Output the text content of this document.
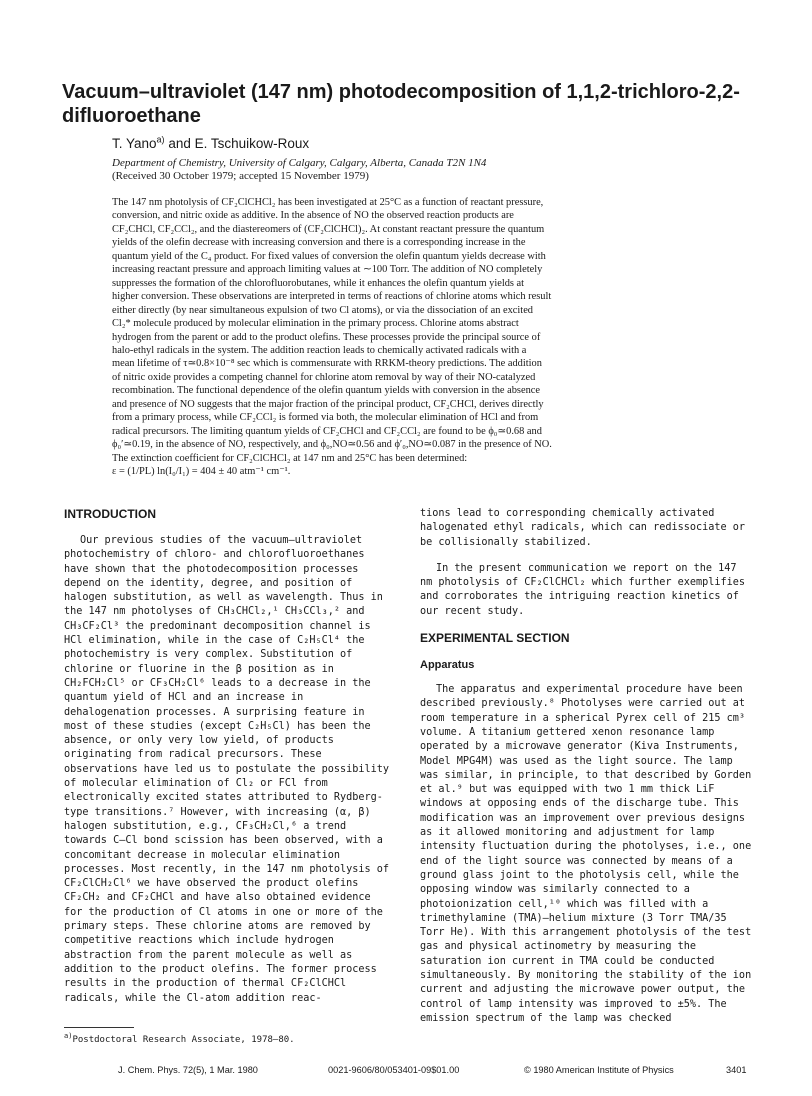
Vacuum–ultraviolet (147 nm) photodecomposition of 1,1,2-trichloro-2,2-difluoroethane
T. Yano$^{a)}$ and E. Tschuikow-Roux
Department of Chemistry, University of Calgary, Calgary, Alberta, Canada T2N 1N4
(Received 30 October 1979; accepted 15 November 1979)
The 147 nm photolysis of CF₂ClCHCl₂ has been investigated at 25°C as a function of reactant pressure,
conversion, and nitric oxide as additive. In the absence of NO the observed reaction products are
CF₂CHCl, CF₂CCl₂, and the diastereomers of (CF₂ClCHCl)₂. At constant reactant pressure the quantum
yields of the olefin decrease with increasing conversion and there is a corresponding increase in the
quantum yield of the C₄ product. For fixed values of conversion the olefin quantum yields decrease with
increasing reactant pressure and approach limiting values at ∼100 Torr. The addition of NO completely
suppresses the formation of the chlorofluorobutanes, while it enhances the olefin quantum yields at
higher conversion. These observations are interpreted in terms of reactions of chlorine atoms which result
either directly (by near simultaneous expulsion of two Cl atoms), or via the dissociation of an excited
Cl₂* molecule produced by molecular elimination in the primary process. Chlorine atoms abstract
hydrogen from the parent or add to the product olefins. These processes provide the principal source of
halo-ethyl radicals in the system. The addition reaction leads to chemically activated radicals with a
mean lifetime of τ≃0.8×10⁻⁸ sec which is commensurate with RRKM-theory predictions. The addition
of nitric oxide provides a competing channel for chlorine atom removal by way of their NO-catalyzed
recombination. The functional dependence of the olefin quantum yields with conversion in the absence
and presence of NO suggests that the major fraction of the principal product, CF₂CHCl, derives directly
from a primary process, while CF₂CCl₂ is formed via both, the molecular elimination of HCl and from
radical precursors. The limiting quantum yields of CF₂CHCl and CF₂CCl₂ are found to be ϕ₀≃0.68 and
ϕ₀′≃0.19, in the absence of NO, respectively, and ϕ₀,NO≃0.56 and ϕ′₀,NO≃0.087 in the presence of NO.
The extinction coefficient for CF₂ClCHCl₂ at 147 nm and 25°C has been determined:
ε = (1/PL) ln(I₀/I₁) = 404 ± 40 atm⁻¹ cm⁻¹.
INTRODUCTION

Our previous studies of the vacuum–ultraviolet photochemistry of chloro- and chlorofluoroethanes have shown that the photodecomposition processes depend on the identity, degree, and position of halogen substitution, as well as wavelength. Thus in the 147 nm photolyses of CH₃CHCl₂,¹ CH₃CCl₃,² and CH₃CF₂Cl³ the predominant decomposition channel is HCl elimination, while in the case of C₂H₅Cl⁴ the photochemistry is very complex. Substitution of chlorine or fluorine in the β position as in CH₂FCH₂Cl⁵ or CF₃CH₂Cl⁶ leads to a decrease in the quantum yield of HCl and an increase in dehalogenation processes. A surprising feature in most of these studies (except C₂H₅Cl) has been the absence, or only very low yield, of products originating from radical precursors. These observations have led us to postulate the possibility of molecular elimination of Cl₂ or FCl from electronically excited states attributed to Rydberg-type transitions.⁷ However, with increasing (α, β) halogen substitution, e.g., CF₃CH₂Cl,⁶ a trend towards C–Cl bond scission has been observed, with a concomitant decrease in molecular elimination processes. Most recently, in the 147 nm photolysis of CF₂ClCH₂Cl⁶ we have observed the product olefins CF₂CH₂ and CF₂CHCl and have also obtained evidence for the production of Cl atoms in one or more of the primary steps. These chlorine atoms are removed by competitive reactions which include hydrogen abstraction from the parent molecule as well as addition to the product olefins. The former process results in the production of thermal CF₂ClCHCl radicals, while the Cl-atom addition reac-

tions lead to corresponding chemically activated halogenated ethyl radicals, which can redissociate or be collisionally stabilized.

In the present communication we report on the 147 nm photolysis of CF₂ClCHCl₂ which further exemplifies and corroborates the intriguing reaction kinetics of our recent study.

EXPERIMENTAL SECTION
Apparatus

The apparatus and experimental procedure have been described previously.⁸ Photolyses were carried out at room temperature in a spherical Pyrex cell of 215 cm³ volume. A titanium gettered xenon resonance lamp operated by a microwave generator (Kiva Instruments, Model MPG4M) was used as the light source. The lamp was similar, in principle, to that described by Gorden et al.⁹ but was equipped with two 1 mm thick LiF windows at opposing ends of the discharge tube. This modification was an improvement over previous designs as it allowed monitoring and adjustment for lamp intensity fluctuation during the photolyses, i.e., one end of the light source was connected by means of a ground glass joint to the photolysis cell, while the opposing window was similarly connected to a photoionization cell,¹⁰ which was filled with a trimethylamine (TMA)–helium mixture (3 Torr TMA/35 Torr He). With this arrangement photolysis of the test gas and physical actinometry by measuring the saturation ion current in TMA could be conducted simultaneously. By monitoring the stability of the ion current and adjusting the microwave power output, the control of lamp intensity was improved to ±5%. The emission spectrum of the lamp was checked

$^{a)}$Postdoctoral Research Associate, 1978–80.
J. Chem. Phys. 72(5), 1 Mar. 1980	0021-9606/80/053401-09$01.00	© 1980 American Institute of Physics	3401
